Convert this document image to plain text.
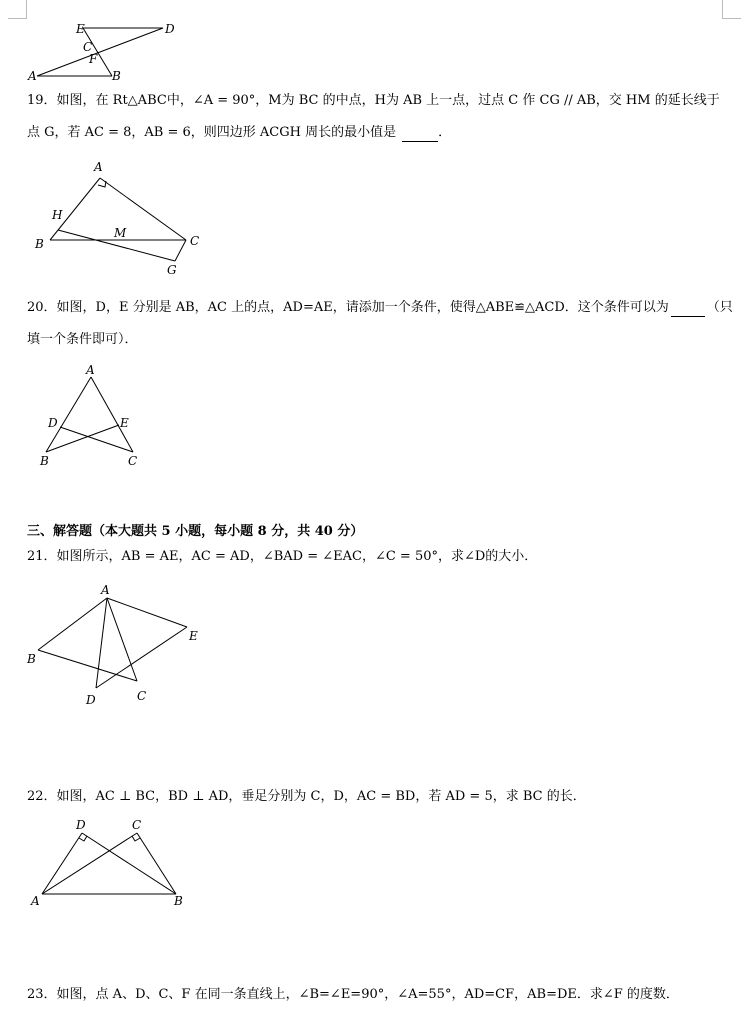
E	D
C
F
A	B
19．如图，在 Rt△ABC中，∠A = 90°，M为 BC 的中点，H为 AB 上一点，过点 C 作 CG // AB，交 HM 的延长线于
点 G，若 AC = 8，AB = 6，则四边形 ACGH 周长的最小值是	．
A
H
B
M
C
G
20．如图，D，E 分别是 AB，AC 上的点，AD=AE，请添加一个条件，使得△ABE≌△ACD．这个条件可以为	（只
填一个条件即可）．
A
D	E
B	C
三、解答题（本大题共 5 小题，每小题 8 分，共 40 分）
21．如图所示，AB = AE，AC = AD，∠BAD = ∠EAC，∠C = 50°，求∠D的大小．
A
B
E
D	C
22．如图，AC ⊥ BC，BD ⊥ AD，垂足分别为 C，D，AC = BD，若 AD = 5，求 BC 的长．
D	C
A	B
23．如图，点 A、D、C、F 在同一条直线上，∠B=∠E=90°，∠A=55°，AD=CF，AB=DE．求∠F 的度数．
